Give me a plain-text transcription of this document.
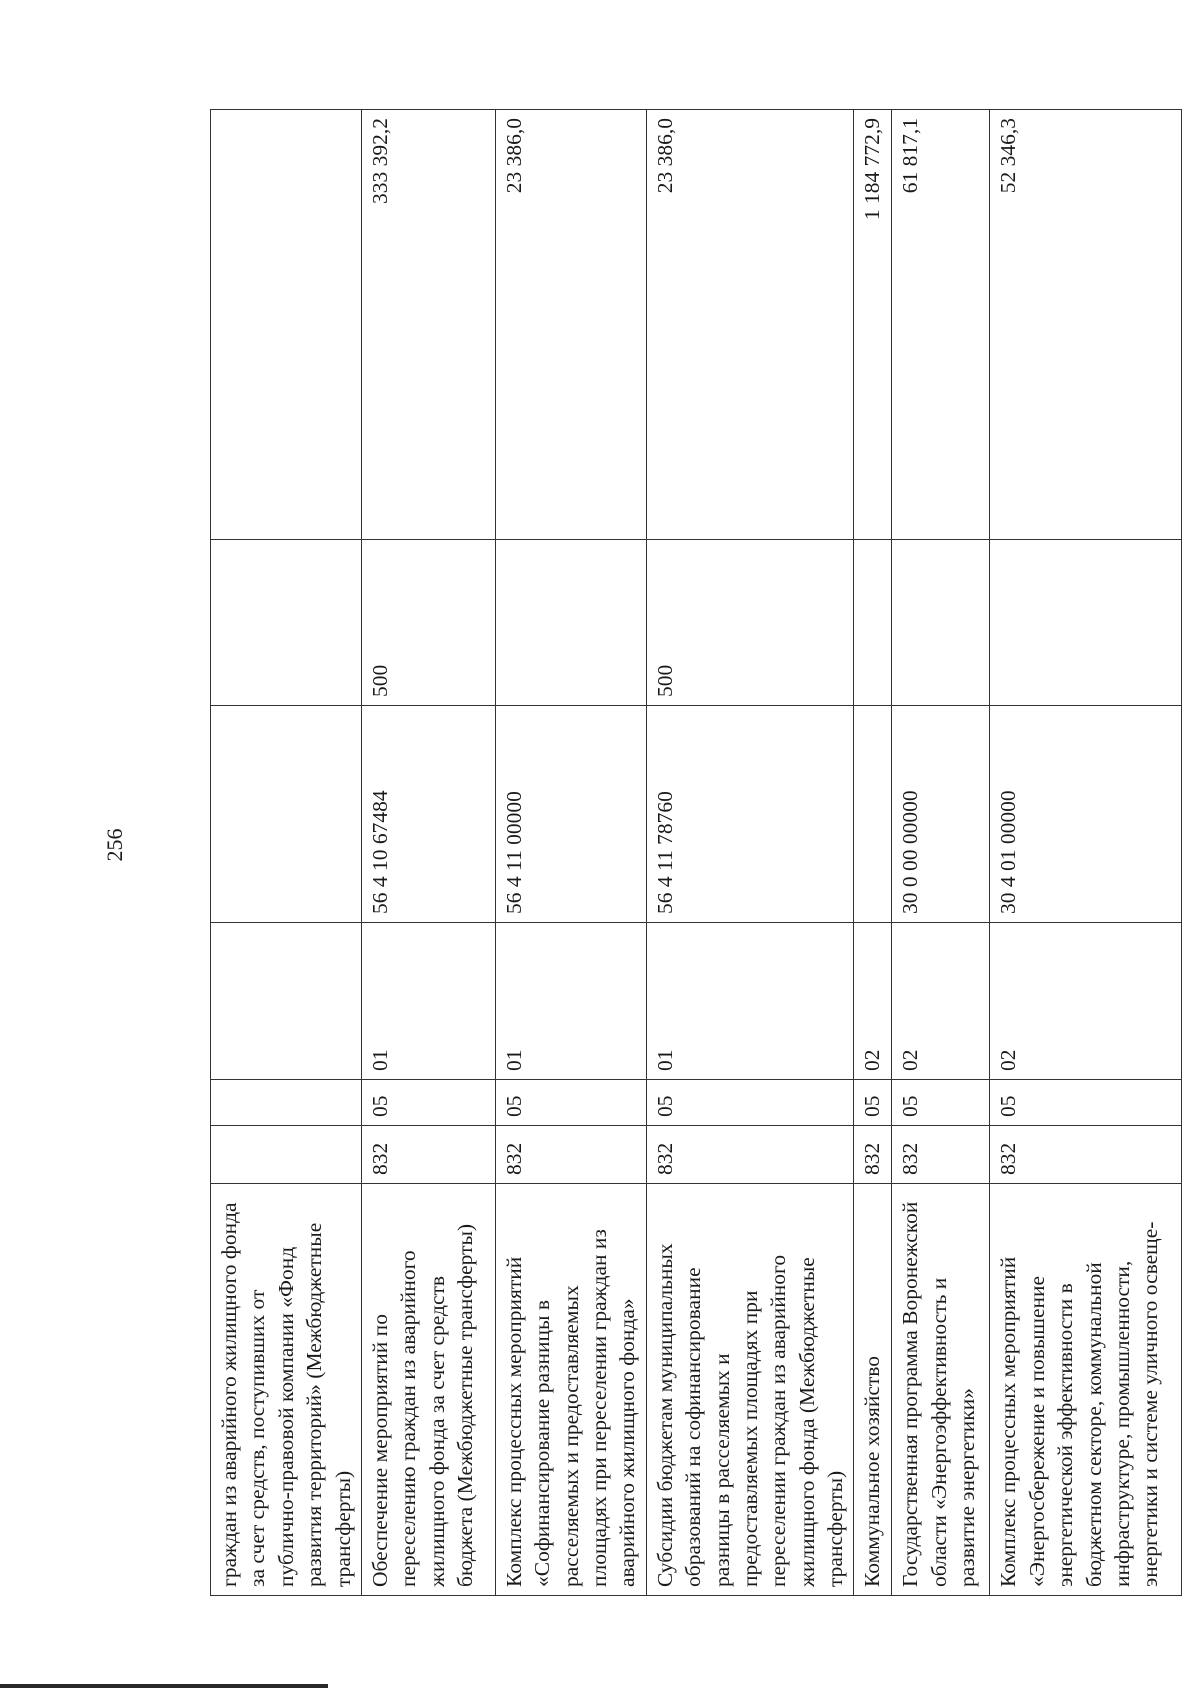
256
граждан из аварийного жилищного фонда за счет средств, поступивших от публично-правовой компании «Фонд развития территорий» (Межбюджетные трансферты)						
Обеспечение мероприятий по переселению граждан из аварийного жилищного фонда за счет средств бюджета (Межбюджетные трансферты)	832	05	01	56 4 10 67484	500	333 392,2
Комплекс процессных мероприятий «Софинансирование разницы в расселяемых и предоставляемых площадях при переселении граждан из аварийного жилищного фонда»	832	05	01	56 4 11 00000		23 386,0
Субсидии бюджетам муниципальных образований на софинансирование разницы в расселяемых и предоставляемых площадях при переселении граждан из аварийного жилищного фонда (Межбюджетные трансферты)	832	05	01	56 4 11 78760	500	23 386,0
Коммунальное хозяйство	832	05	02			1 184 772,9
Государственная программа Воронежской области «Энергоэффективность и развитие энергетики»	832	05	02	30 0 00 00000		61 817,1
Комплекс процессных мероприятий «Энергосбережение и повышение энергетической эффективности в бюджетном секторе, коммунальной инфраструктуре, промышленности, энергетики и системе уличного освеще-	832	05	02	30 4 01 00000		52 346,3
